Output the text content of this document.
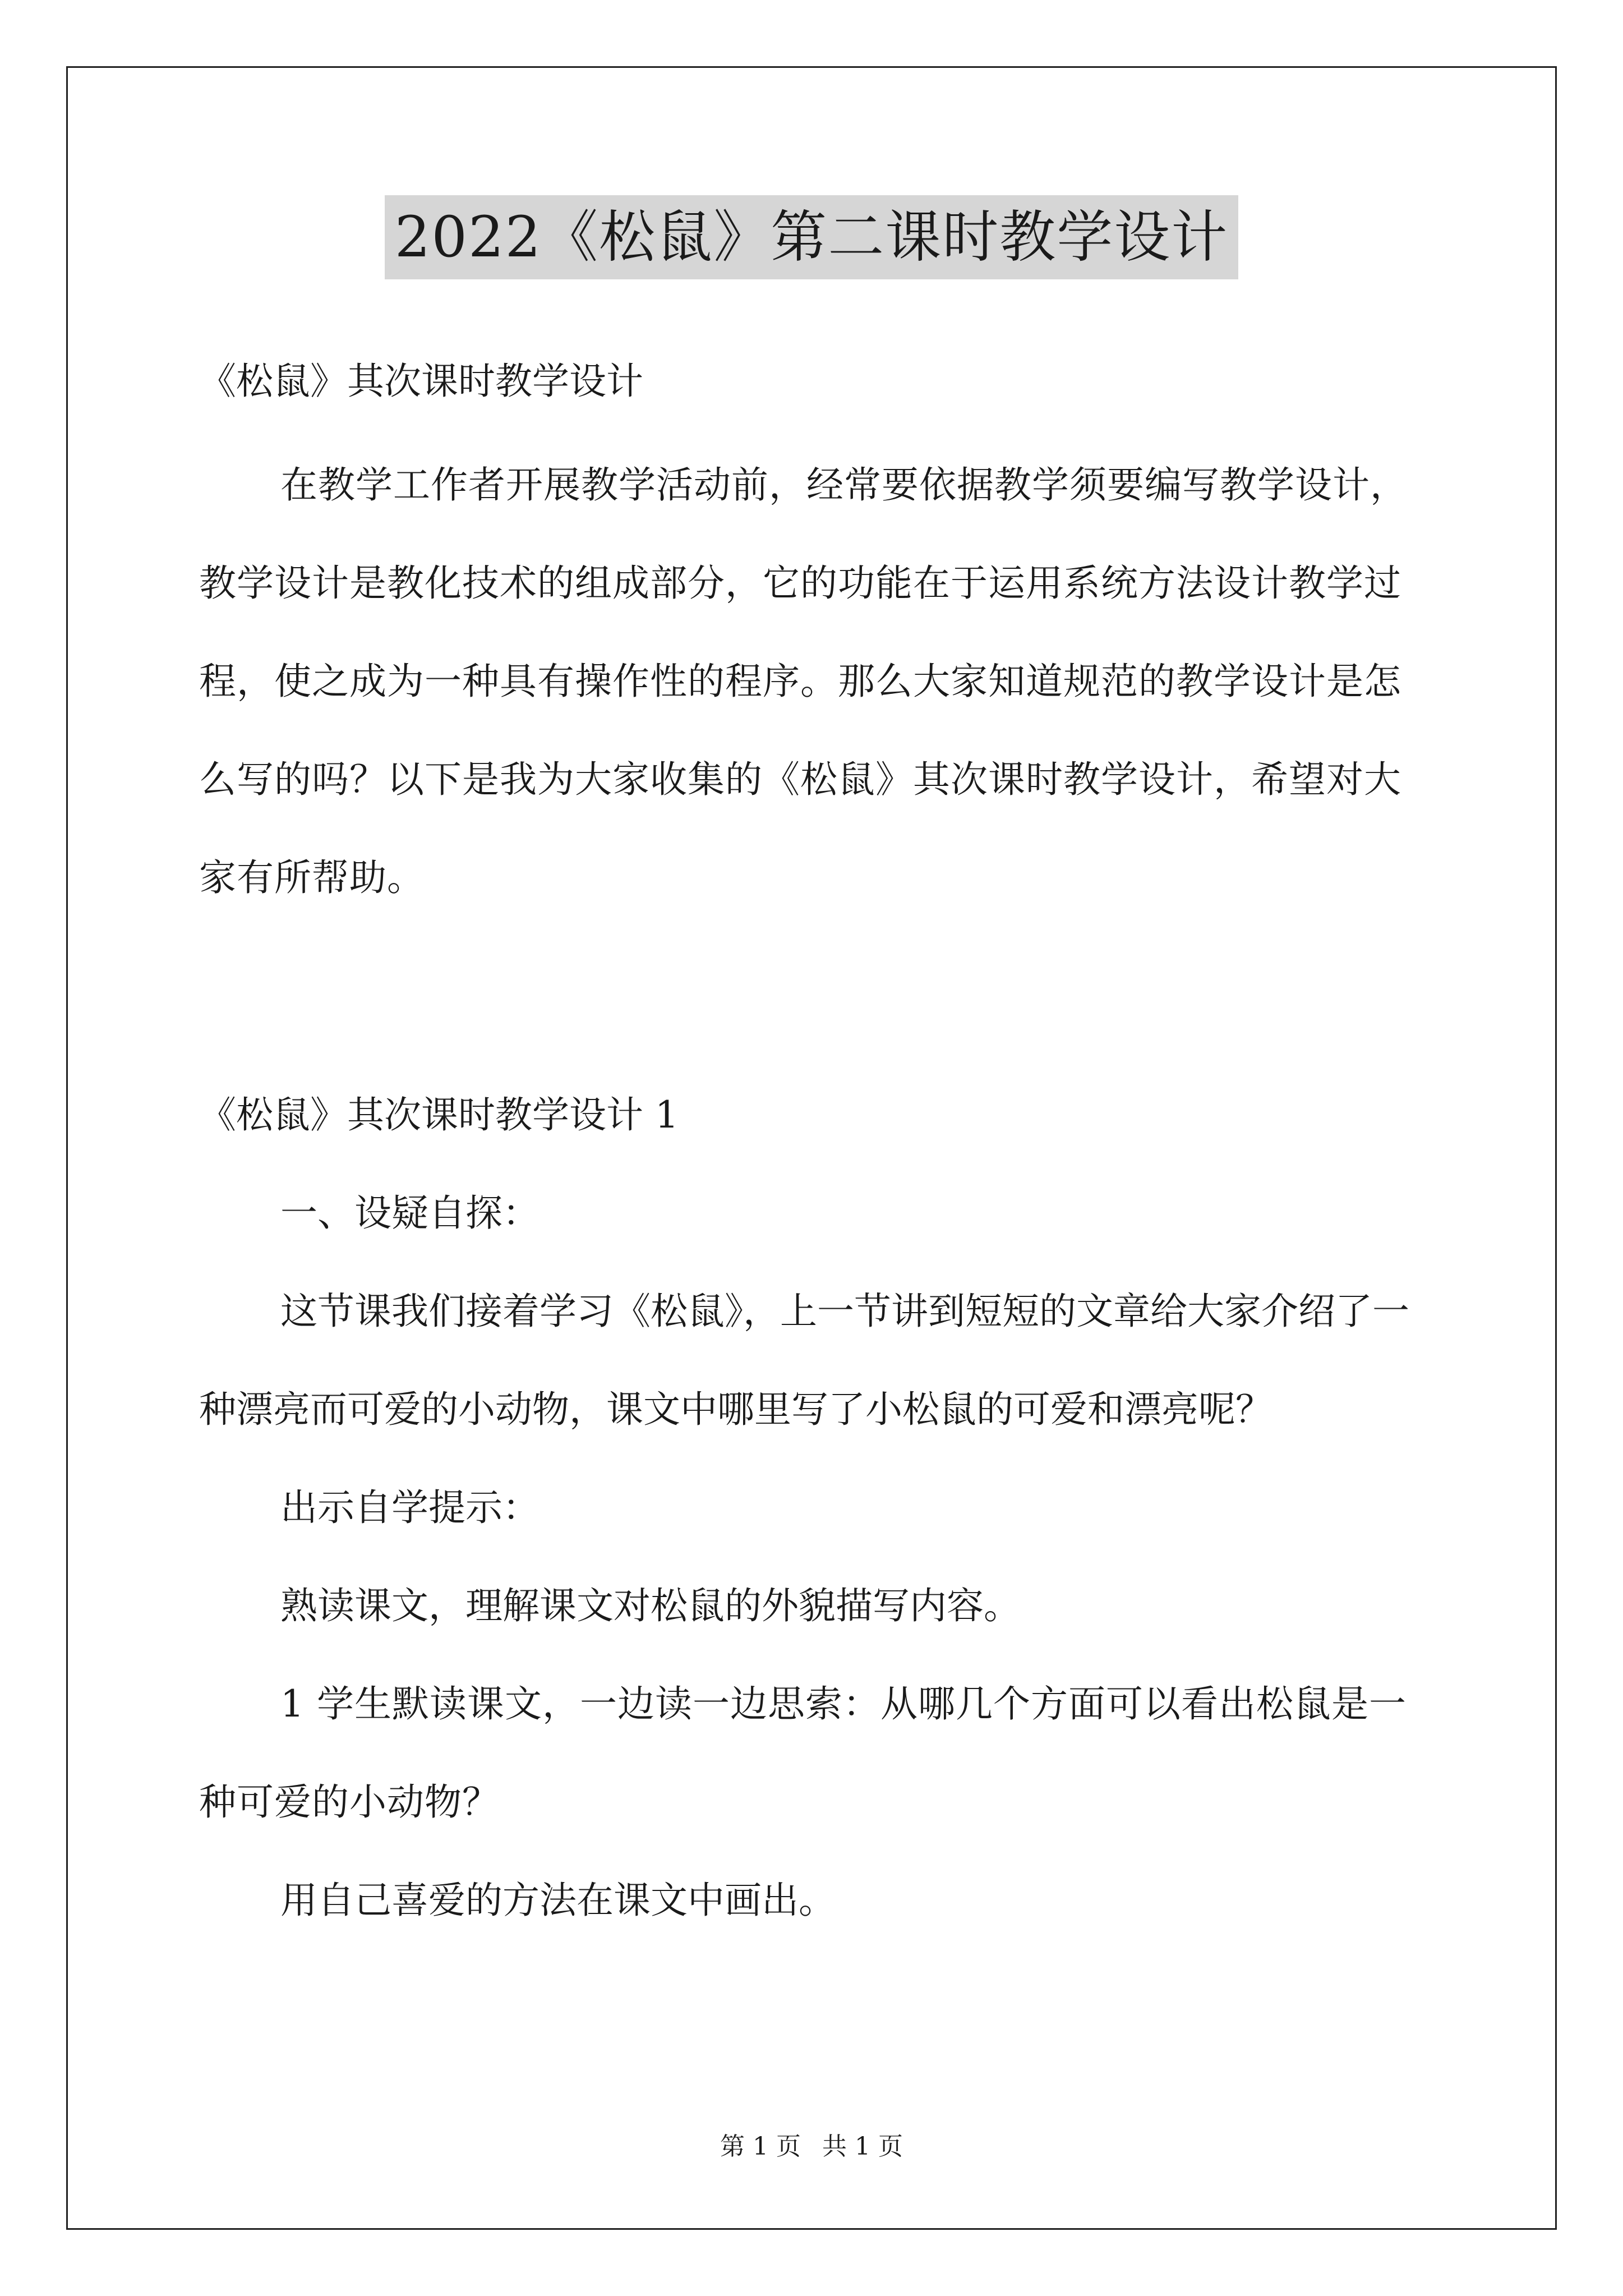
2022《松鼠》第二课时教学设计

《松鼠》其次课时教学设计

在教学工作者开展教学活动前，经常要依据教学须要编写教学设计，教学设计是教化技术的组成部分，它的功能在于运用系统方法设计教学过程，使之成为一种具有操作性的程序。那么大家知道规范的教学设计是怎么写的吗？以下是我为大家收集的《松鼠》其次课时教学设计，希望对大家有所帮助。

《松鼠》其次课时教学设计 1

一、设疑自探：

这节课我们接着学习《松鼠》，上一节讲到短短的文章给大家介绍了一种漂亮而可爱的小动物，课文中哪里写了小松鼠的可爱和漂亮呢？

出示自学提示：

熟读课文，理解课文对松鼠的外貌描写内容。

1 学生默读课文，一边读一边思索：从哪几个方面可以看出松鼠是一种可爱的小动物？

用自己喜爱的方法在课文中画出。

第 1 页 共 1 页
